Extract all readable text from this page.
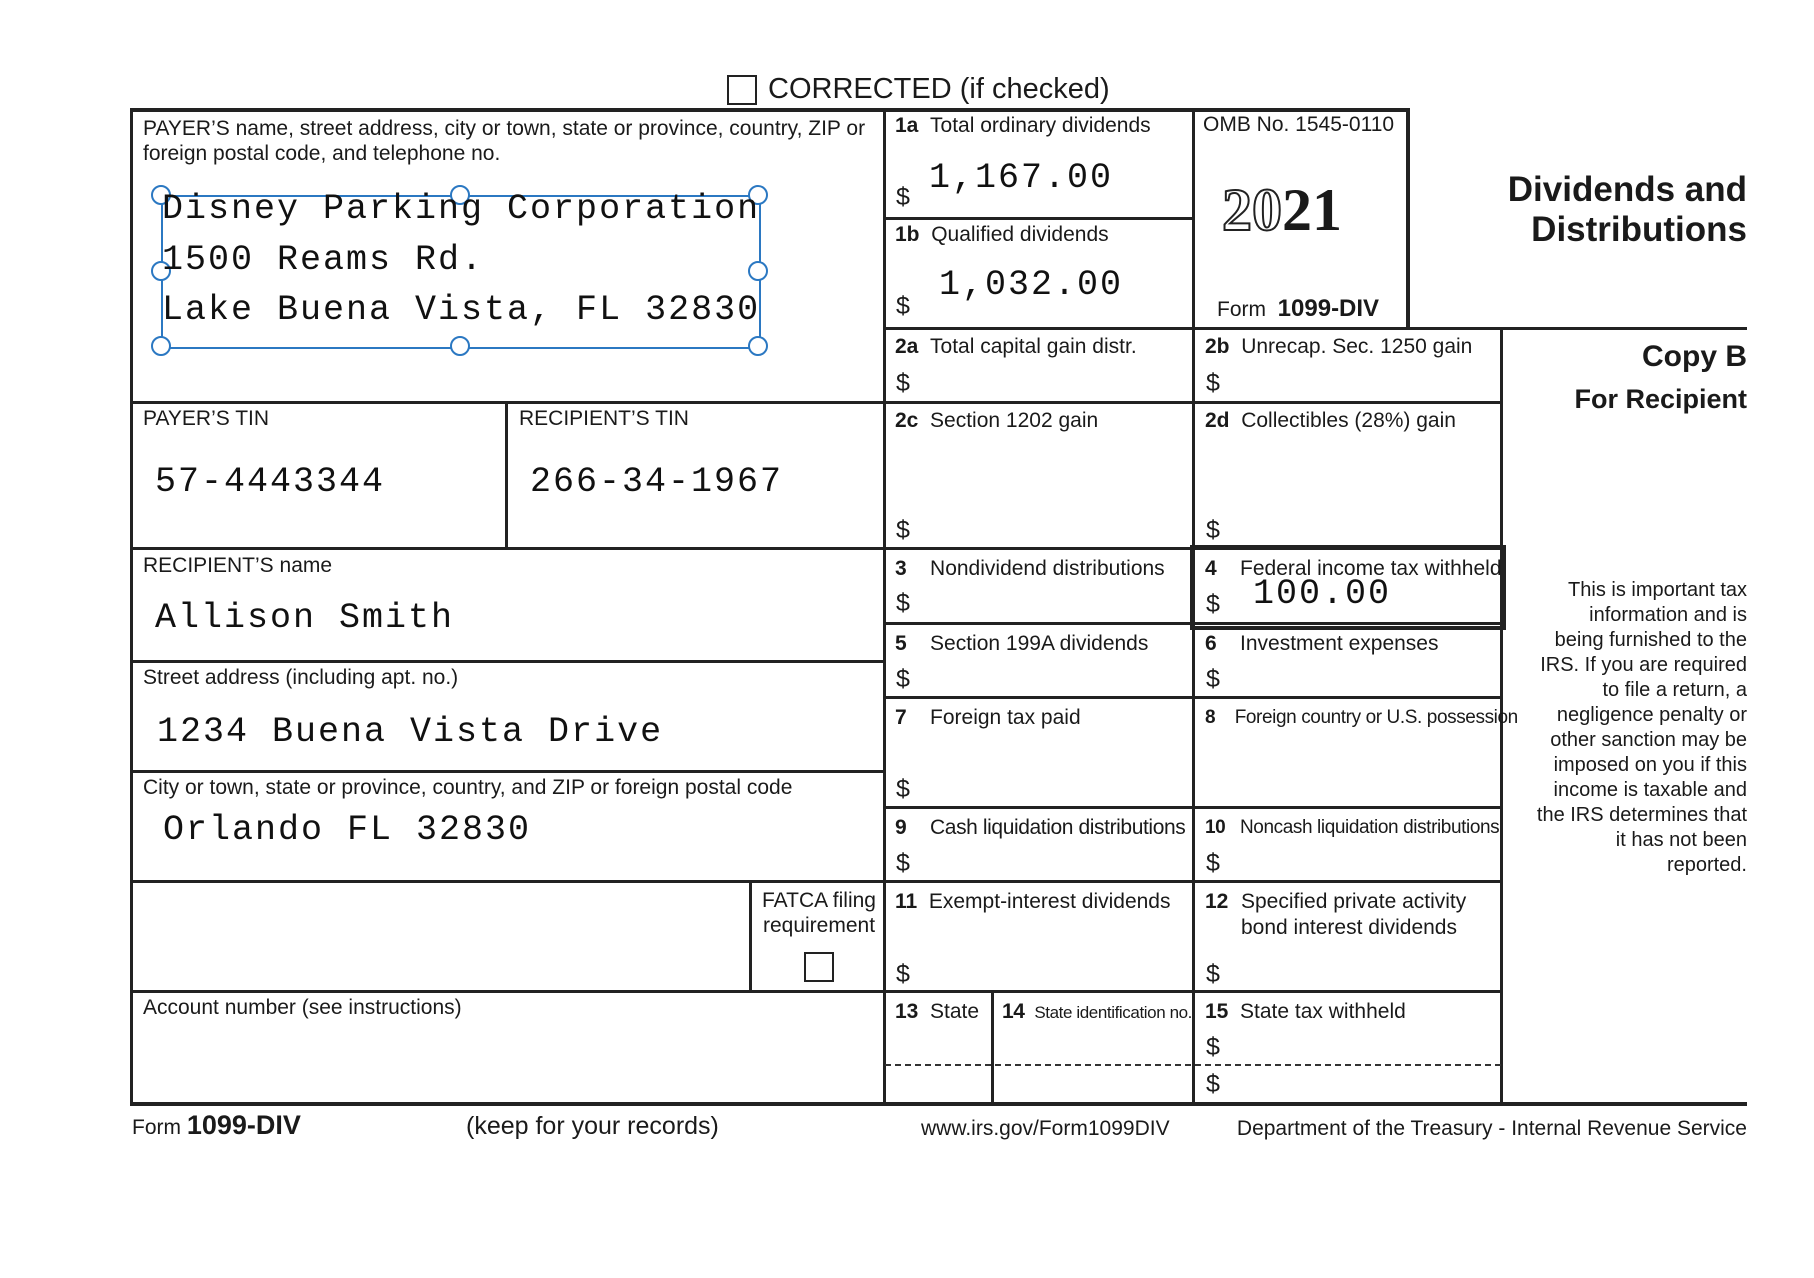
CORRECTED (if checked)
PAYER’S name, street address, city or town, state or province, country, ZIP or foreign postal code, and telephone no.
Disney Parking Corporation
1500 Reams Rd.
Lake Buena Vista, FL 32830
PAYER’S TIN
57-4443344
RECIPIENT’S TIN
266-34-1967
RECIPIENT’S name
Allison Smith
Street address (including apt. no.)
1234 Buena Vista Drive
City or town, state or province, country, and ZIP or foreign postal code
Orlando FL 32830
FATCA filing requirement
Account number (see instructions)
1a Total ordinary dividends
1,167.00
$
1b Qualified dividends
1,032.00
$
OMB No. 1545-0110
2021
Form 1099-DIV
Dividends and
Distributions
Copy B
For Recipient
This is important tax information and is being furnished to the IRS. If you are required to file a return, a negligence penalty or other sanction may be imposed on you if this income is taxable and the IRS determines that it has not been reported.
2a Total capital gain distr.
$
2b Unrecap. Sec. 1250 gain
$
2c Section 1202 gain
$
2d Collectibles (28%) gain
$
3 Nondividend distributions
$
4 Federal income tax withheld
$ 100.00
5 Section 199A dividends
$
6 Investment expenses
$
7 Foreign tax paid
$
8 Foreign country or U.S. possession
9 Cash liquidation distributions
$
10 Noncash liquidation distributions
$
11 Exempt-interest dividends
$
12 Specified private activity bond interest dividends
$
13 State 14 State identification no. 15 State tax withheld
$
$
Form 1099-DIV	(keep for your records)	www.irs.gov/Form1099DIV	Department of the Treasury - Internal Revenue Service
